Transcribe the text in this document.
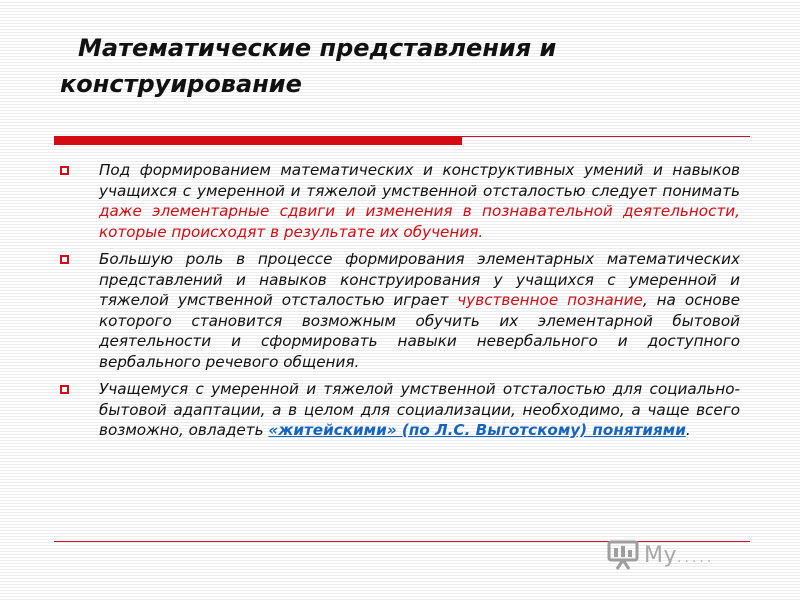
Математические представления и
конструирование
Под формированием математических и конструктивных умений и навыков учащихся с умеренной и тяжелой умственной отсталостью следует понимать даже элементарные сдвиги и изменения в познавательной деятельности, которые происходят в результате их обучения.
Большую роль в процессе формирования элементарных математических представлений и навыков конструирования у учащихся с умеренной и тяжелой умственной отсталостью играет чувственное познание, на основе которого становится возможным обучить их элементарной бытовой деятельности и сформировать навыки невербального и доступного вербального речевого общения.
Учащемуся с умеренной и тяжелой умственной отсталостью для социально-бытовой адаптации, а в целом для социализации, необходимо, а чаще всего возможно, овладеть «житейскими» (по Л.С. Выготскому) понятиями.
My.....
